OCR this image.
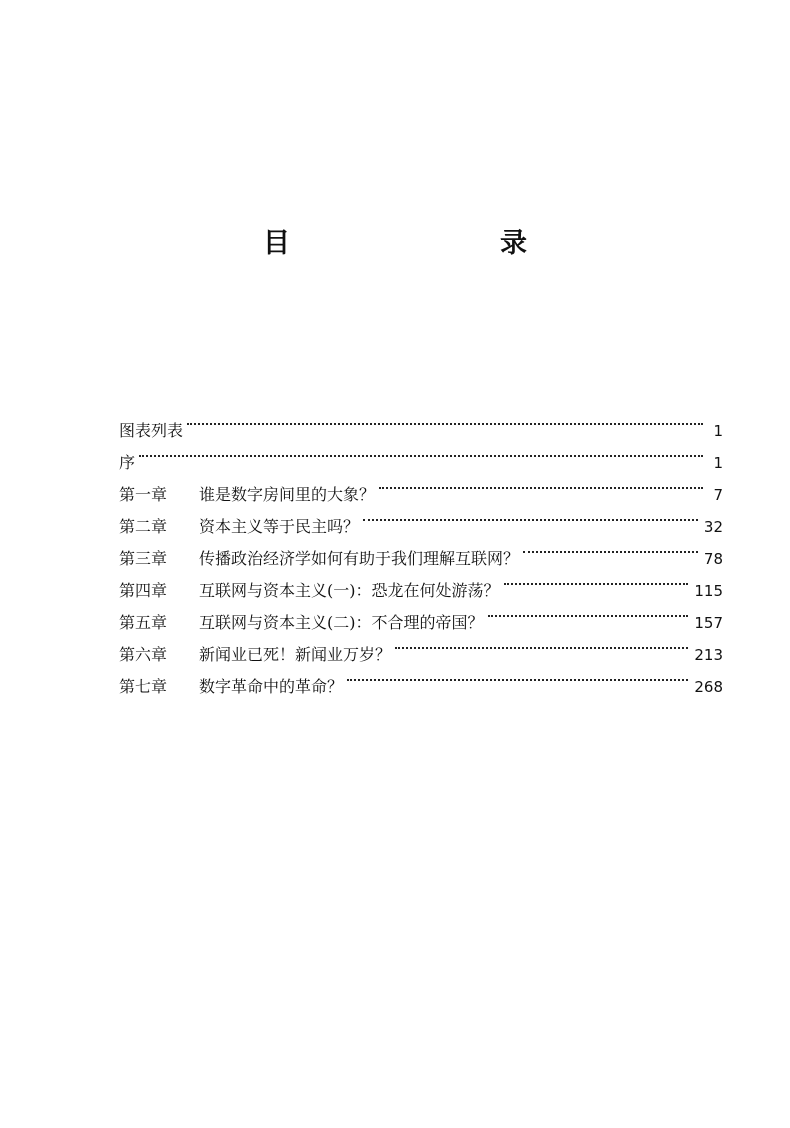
目　　录
图表列表	1
序	1
第一章	谁是数字房间里的大象？	7
第二章	资本主义等于民主吗？	32
第三章	传播政治经济学如何有助于我们理解互联网？	78
第四章	互联网与资本主义(一)：恐龙在何处游荡？	115
第五章	互联网与资本主义(二)：不合理的帝国？	157
第六章	新闻业已死！新闻业万岁？	213
第七章	数字革命中的革命？	268
